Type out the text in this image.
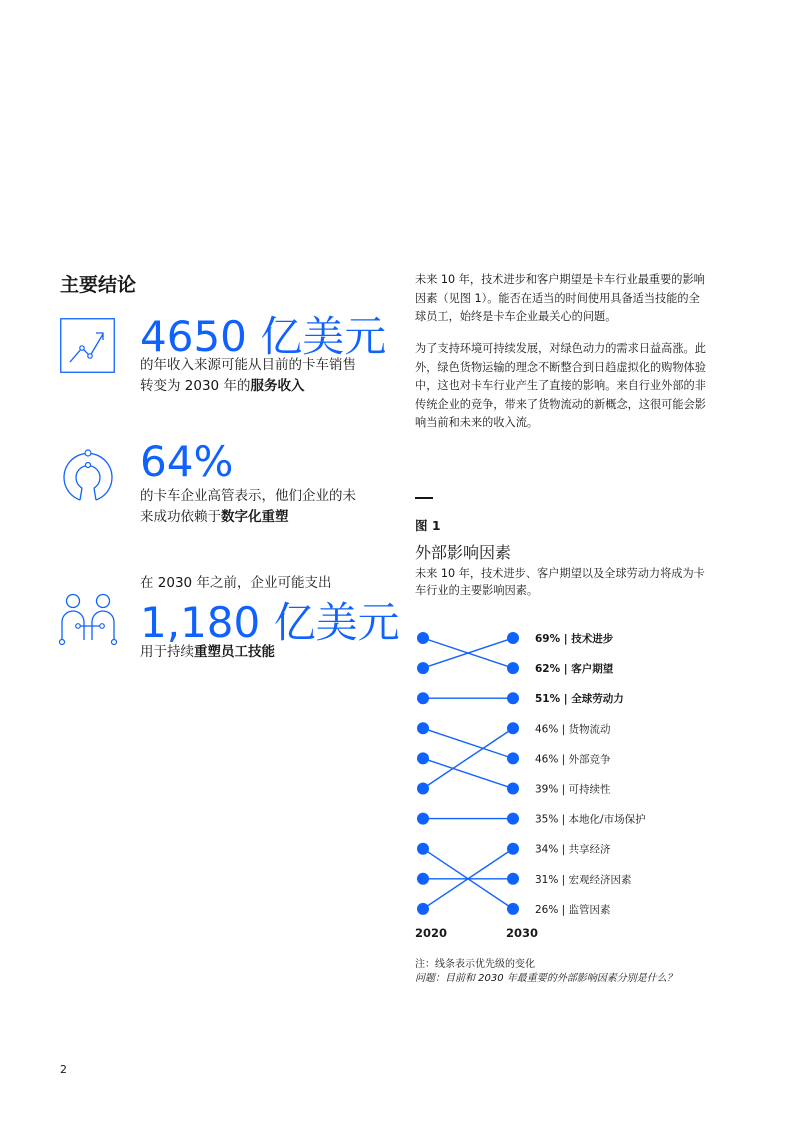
主要结论
4650 亿美元
的年收入来源可能从目前的卡车销售
转变为 2030 年的服务收入
64%
的卡车企业高管表示，他们企业的未
来成功依赖于数字化重塑
在 2030 年之前，企业可能支出
1,180 亿美元
用于持续重塑员工技能
未来 10 年，技术进步和客户期望是卡车行业最重要的影响
因素（见图 1）。能否在适当的时间使用具备适当技能的全
球员工，始终是卡车企业最关心的问题。
为了支持环境可持续发展，对绿色动力的需求日益高涨。此
外，绿色货物运输的理念不断整合到日趋虚拟化的购物体验
中，这也对卡车行业产生了直接的影响。来自行业外部的非
传统企业的竞争，带来了货物流动的新概念，这很可能会影
响当前和未来的收入流。
图 1
外部影响因素
未来 10 年，技术进步、客户期望以及全球劳动力将成为卡
车行业的主要影响因素。
69% | 技术进步
62% | 客户期望
51% | 全球劳动力
46% | 货物流动
46% | 外部竞争
39% | 可持续性
35% | 本地化/市场保护
34% | 共享经济
31% | 宏观经济因素
26% | 监管因素
2020	2030
注：线条表示优先级的变化
问题：目前和 2030 年最重要的外部影响因素分别是什么？
2
